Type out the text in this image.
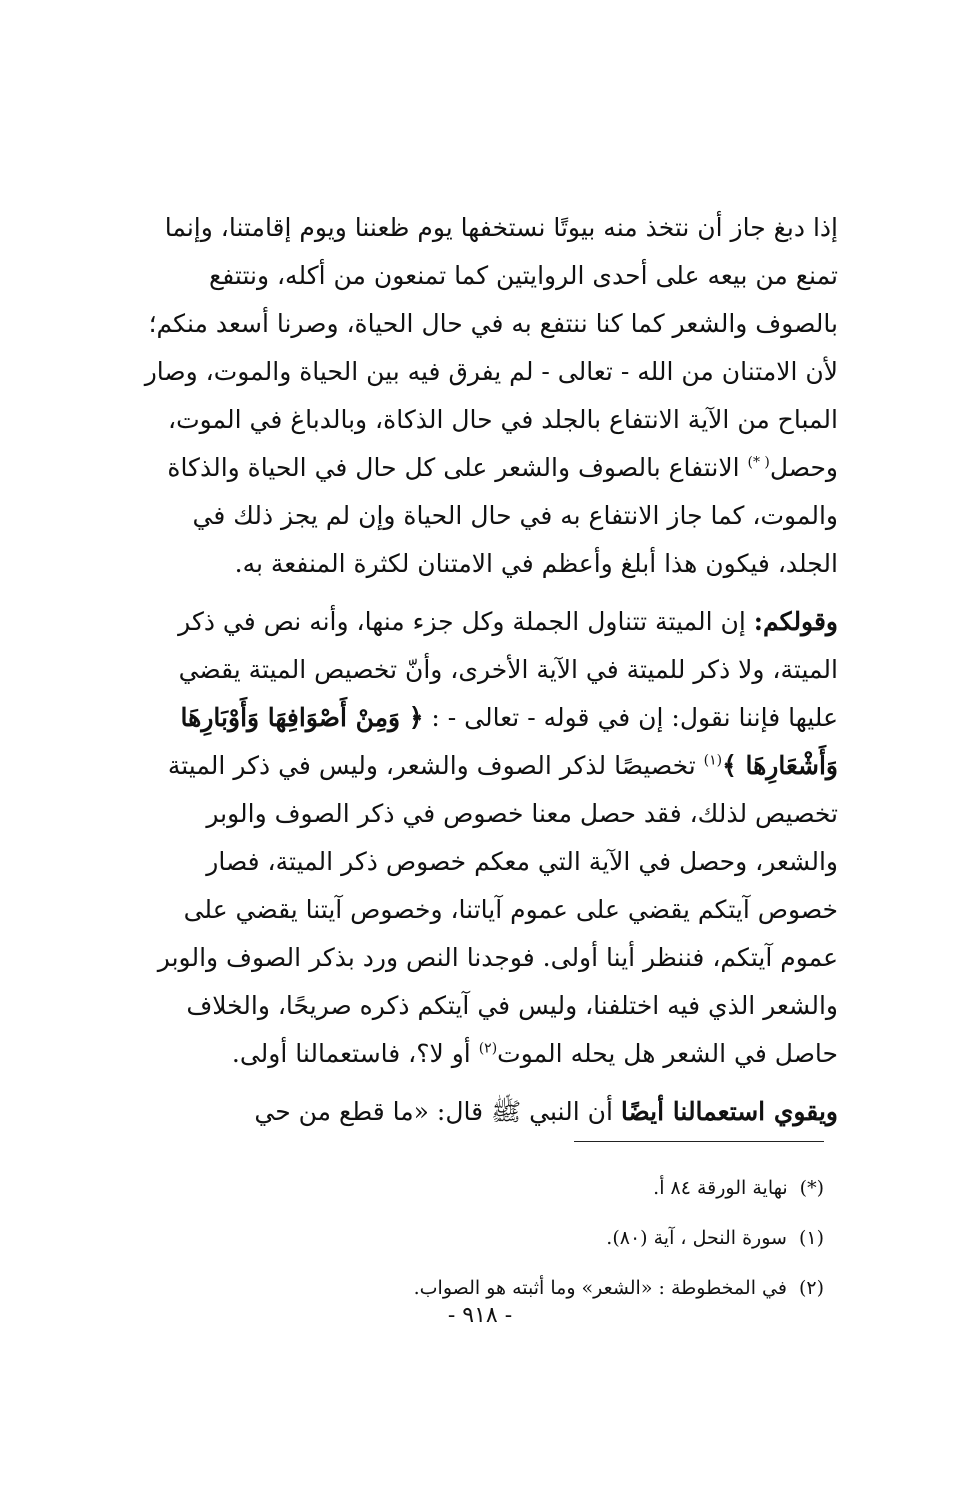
إذا دبغ جاز أن نتخذ منه بيوتًا نستخفها يوم ظعننا ويوم إقامتنا، وإنما
تمنع من بيعه على أحدى الروايتين كما تمنعون من أكله، ونتتفع
بالصوف والشعر كما كنا ننتفع به في حال الحياة، وصرنا أسعد منكم؛
لأن الامتنان من الله - تعالى - لم يفرق فيه بين الحياة والموت، وصار
المباح من الآية الانتفاع بالجلد في حال الذكاة، وبالدباغ في الموت،
وحصل( *) الانتفاع بالصوف والشعر على كل حال في الحياة والذكاة
والموت، كما جاز الانتفاع به في حال الحياة وإن لم يجز ذلك في
الجلد، فيكون هذا أبلغ وأعظم في الامتنان لكثرة المنفعة به.
وقولكم: إن الميتة تتناول الجملة وكل جزء منها، وأنه نص في ذكر
الميتة، ولا ذكر للميتة في الآية الأخرى، وأنّ تخصيص الميتة يقضي
عليها فإننا نقول: إن في قوله - تعالى - : ﴿ وَمِنْ أَصْوَافِهَا وَأَوْبَارِهَا
وَأَشْعَارِهَا ﴾$^{(١)}$ تخصيصًا لذكر الصوف والشعر، وليس في ذكر الميتة
تخصيص لذلك، فقد حصل معنا خصوص في ذكر الصوف والوبر
والشعر، وحصل في الآية التي معكم خصوص ذكر الميتة، فصار
خصوص آيتكم يقضي على عموم آياتنا، وخصوص آيتنا يقضي على
عموم آيتكم، فننظر أينا أولى. فوجدنا النص ورد بذكر الصوف والوبر
والشعر الذي فيه اختلفنا، وليس في آيتكم ذكره صريحًا، والخلاف
حاصل في الشعر هل يحله الموت$^{(٢)}$ أو لا؟، فاستعمالنا أولى.
ويقوي استعمالنا أيضًا أن النبي ﷺ قال: «ما قطع من حي
(*)نهاية الورقة ٨٤ أ.
(١)سورة النحل ، آية (٨٠).
(٢)في المخطوطة : «الشعر» وما أثبته هو الصواب.
- ٩١٨ -
